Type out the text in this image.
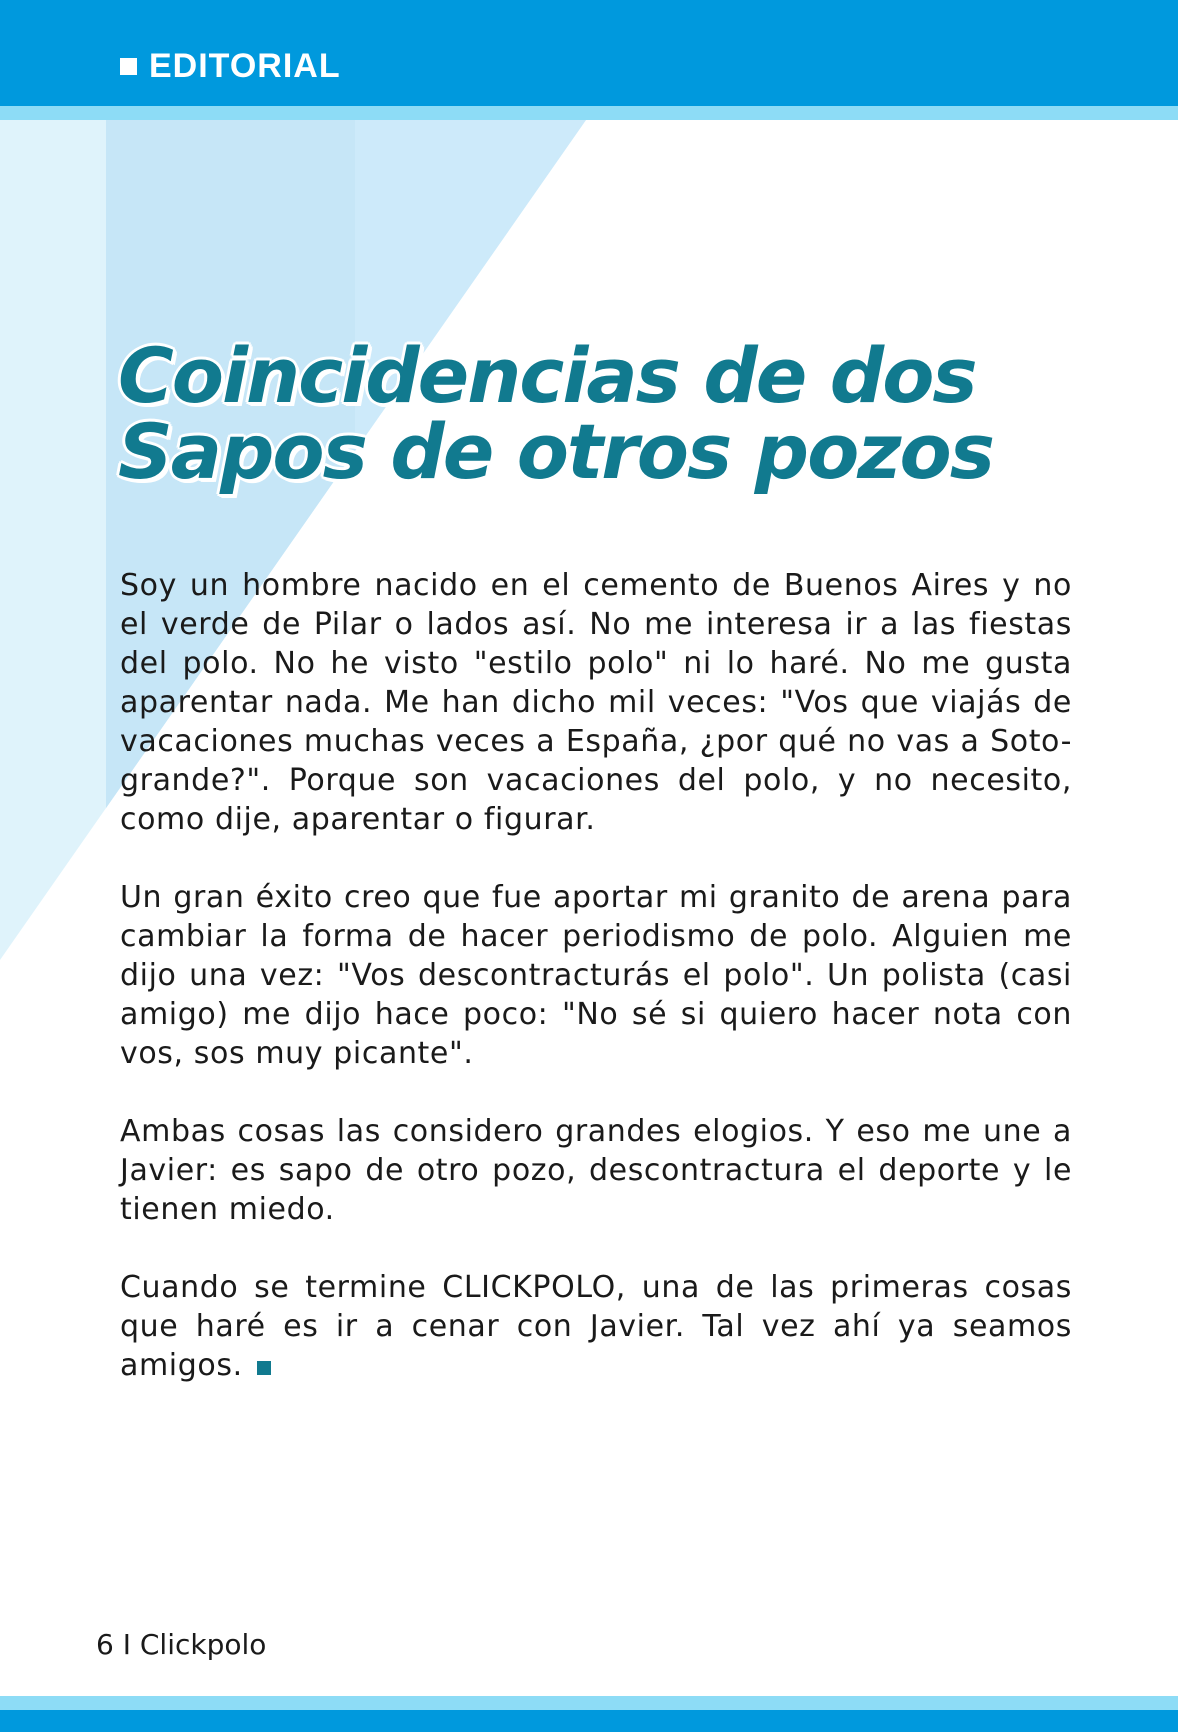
EDITORIAL
Coincidencias de dos
Sapos de otros pozos

Soy un hombre nacido en el cemento de Buenos Aires y no el verde de Pilar o lados así. No me interesa ir a las fiestas del polo. No he visto "estilo polo" ni lo haré. No me gusta aparentar nada. Me han dicho mil veces: "Vos que viajás de vacaciones muchas veces a España, ¿por qué no vas a Soto-grande?". Porque son vacaciones del polo, y no necesito, como dije, aparentar o figurar.

Un gran éxito creo que fue aportar mi granito de arena para cambiar la forma de hacer periodismo de polo. Alguien me dijo una vez: "Vos descontracturás el polo". Un polista (casi amigo) me dijo hace poco: "No sé si quiero hacer nota con vos, sos muy picante".

Ambas cosas las considero grandes elogios. Y eso me une a Javier: es sapo de otro pozo, descontractura el deporte y le tienen miedo.

Cuando se termine CLICKPOLO, una de las primeras cosas que haré es ir a cenar con Javier. Tal vez ahí ya seamos amigos.

6 I Clickpolo
